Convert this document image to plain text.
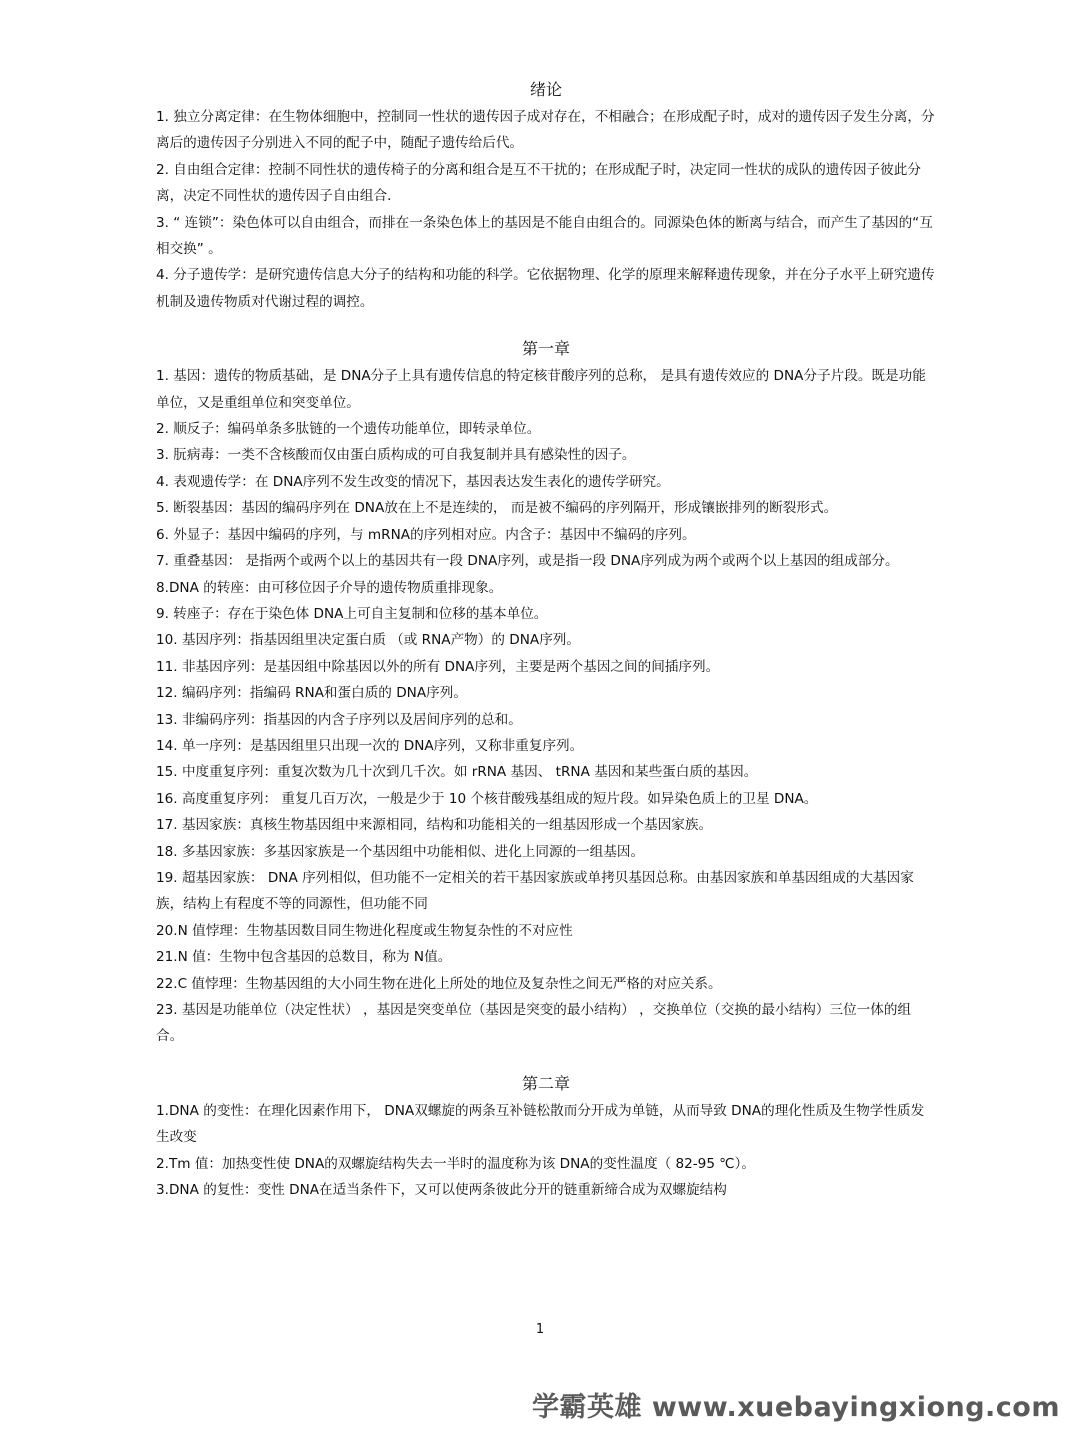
绪论

1. 独立分离定律：在生物体细胞中，控制同一性状的遗传因子成对存在，不相融合；在形成配子时，成对的遗传因子发生分离，分离后的遗传因子分别进入不同的配子中，随配子遗传给后代。

2. 自由组合定律：控制不同性状的遗传椅子的分离和组合是互不干扰的；在形成配子时，决定同一性状的成队的遗传因子彼此分离，决定不同性状的遗传因子自由组合．

3. “ 连锁”：染色体可以自由组合，而排在一条染色体上的基因是不能自由组合的。同源染色体的断离与结合，而产生了基因的“互相交换” 。

4. 分子遗传学：是研究遗传信息大分子的结构和功能的科学。它依据物理、化学的原理来解释遗传现象，并在分子水平上研究遗传机制及遗传物质对代谢过程的调控。

第一章

1. 基因：遗传的物质基础，是 DNA分子上具有遗传信息的特定核苷酸序列的总称， 是具有遗传效应的 DNA分子片段。既是功能单位，又是重组单位和突变单位。

2. 顺反子：编码单条多肽链的一个遗传功能单位，即转录单位。

3. 朊病毒：一类不含核酸而仅由蛋白质构成的可自我复制并具有感染性的因子。

4. 表观遗传学：在 DNA序列不发生改变的情况下，基因表达发生表化的遗传学研究。

5. 断裂基因：基因的编码序列在 DNA放在上不是连续的， 而是被不编码的序列隔开，形成镶嵌排列的断裂形式。

6. 外显子：基因中编码的序列，与 mRNA的序列相对应。内含子：基因中不编码的序列。

7. 重叠基因： 是指两个或两个以上的基因共有一段 DNA序列，或是指一段 DNA序列成为两个或两个以上基因的组成部分。

8.DNA 的转座：由可移位因子介导的遗传物质重排现象。

9. 转座子：存在于染色体 DNA上可自主复制和位移的基本单位。

10. 基因序列：指基因组里决定蛋白质 （或 RNA产物）的 DNA序列。

11. 非基因序列：是基因组中除基因以外的所有 DNA序列，主要是两个基因之间的间插序列。

12. 编码序列：指编码 RNA和蛋白质的 DNA序列。

13. 非编码序列：指基因的内含子序列以及居间序列的总和。

14. 单一序列：是基因组里只出现一次的 DNA序列，又称非重复序列。

15. 中度重复序列：重复次数为几十次到几千次。如 rRNA 基因、 tRNA 基因和某些蛋白质的基因。

16. 高度重复序列： 重复几百万次，一般是少于 10 个核苷酸残基组成的短片段。如异染色质上的卫星 DNA。

17. 基因家族：真核生物基因组中来源相同，结构和功能相关的一组基因形成一个基因家族。

18. 多基因家族：多基因家族是一个基因组中功能相似、进化上同源的一组基因。

19. 超基因家族： DNA 序列相似，但功能不一定相关的若干基因家族或单拷贝基因总称。由基因家族和单基因组成的大基因家族，结构上有程度不等的同源性，但功能不同

20.N 值悖理：生物基因数目同生物进化程度或生物复杂性的不对应性

21.N 值：生物中包含基因的总数目，称为 N值。

22.C 值悖理：生物基因组的大小同生物在进化上所处的地位及复杂性之间无严格的对应关系。

23. 基因是功能单位（决定性状） ，基因是突变单位（基因是突变的最小结构） ，交换单位（交换的最小结构）三位一体的组合。

第二章

1.DNA 的变性：在理化因素作用下， DNA双螺旋的两条互补链松散而分开成为单链，从而导致 DNA的理化性质及生物学性质发生改变

2.Tm 值：加热变性使 DNA的双螺旋结构失去一半时的温度称为该 DNA的变性温度（ 82-95 ℃）。

3.DNA 的复性：变性 DNA在适当条件下，又可以使两条彼此分开的链重新缔合成为双螺旋结构

1
学霸英雄 www.xuebayingxiong.com
